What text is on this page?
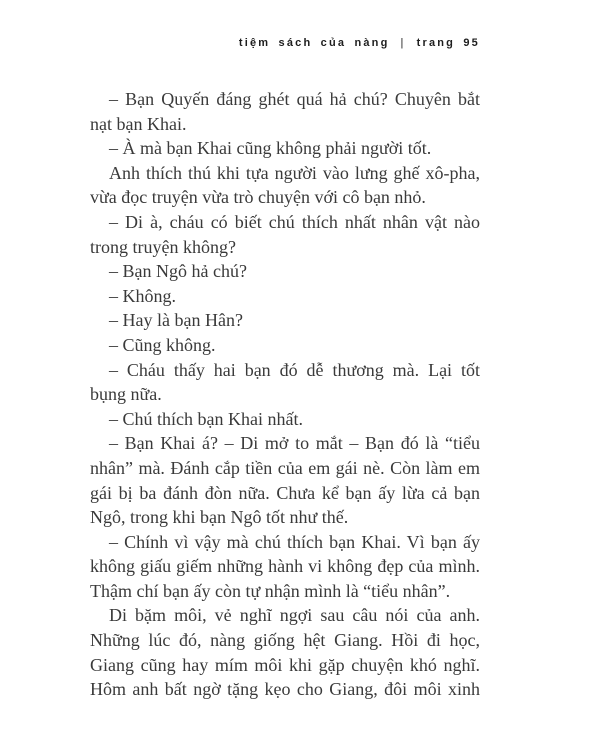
tiệm sách của nàng | trang 95
– Bạn Quyến đáng ghét quá hả chú? Chuyên bắt
nạt bạn Khai.
– À mà bạn Khai cũng không phải người tốt.
Anh thích thú khi tựa người vào lưng ghế xô-pha,
vừa đọc truyện vừa trò chuyện với cô bạn nhỏ.
– Di à, cháu có biết chú thích nhất nhân vật nào
trong truyện không?
– Bạn Ngô hả chú?
– Không.
– Hay là bạn Hân?
– Cũng không.
– Cháu thấy hai bạn đó dễ thương mà. Lại tốt
bụng nữa.
– Chú thích bạn Khai nhất.
– Bạn Khai á? – Di mở to mắt – Bạn đó là “tiểu
nhân” mà. Đánh cắp tiền của em gái nè. Còn làm em
gái bị ba đánh đòn nữa. Chưa kể bạn ấy lừa cả bạn
Ngô, trong khi bạn Ngô tốt như thế.
– Chính vì vậy mà chú thích bạn Khai. Vì bạn ấy
không giấu giếm những hành vi không đẹp của mình.
Thậm chí bạn ấy còn tự nhận mình là “tiểu nhân”.
Di bặm môi, vẻ nghĩ ngợi sau câu nói của anh.
Những lúc đó, nàng giống hệt Giang. Hồi đi học,
Giang cũng hay mím môi khi gặp chuyện khó nghĩ.
Hôm anh bất ngờ tặng kẹo cho Giang, đôi môi xinh
